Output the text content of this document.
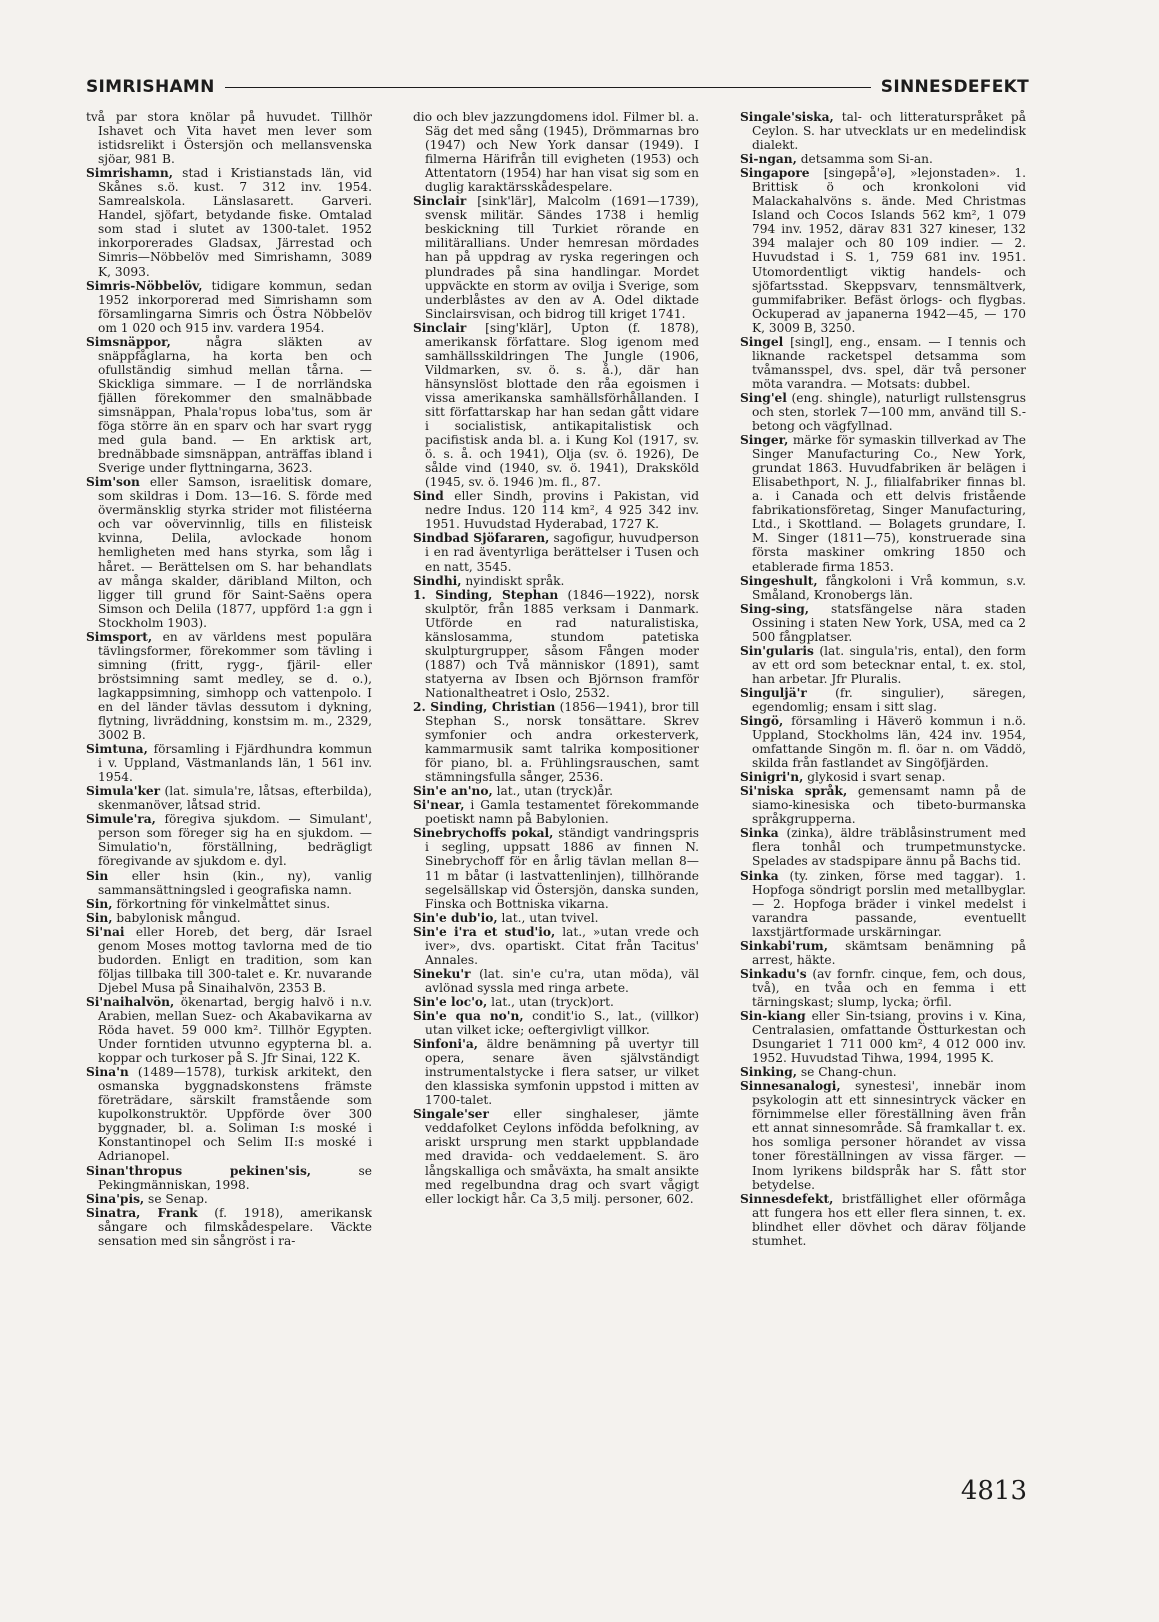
SIMRISHAMN	SINNESDEFEKT

två par stora knölar på huvudet. Tillhör Ishavet och Vita havet men lever som istidsrelikt i Östersjön och mellansvenska sjöar, 981 B.

Simrishamn, stad i Kristianstads län, vid Skånes s.ö. kust. 7 312 inv. 1954. Samrealskola. Länslasarett. Garveri. Handel, sjöfart, betydande fiske. Omtalad som stad i slutet av 1300-talet. 1952 inkorporerades Gladsax, Järrestad och Simris—Nöbbelöv med Simrishamn, 3089 K, 3093.

Simris-Nöbbelöv, tidigare kommun, sedan 1952 inkorporerad med Simrishamn som församlingarna Simris och Östra Nöbbelöv om 1 020 och 915 inv. vardera 1954.

Simsnäppor, några släkten av snäppfåglarna, ha korta ben och ofullständig simhud mellan tårna. — Skickliga simmare. — I de norrländska fjällen förekommer den smalnäbbade simsnäppan, Phala'ropus loba'tus, som är föga större än en sparv och har svart rygg med gula band. — En arktisk art, brednäbbade simsnäppan, anträffas ibland i Sverige under flyttningarna, 3623.

Sim'son eller Samson, israelitisk domare, som skildras i Dom. 13—16. S. förde med övermänsklig styrka strider mot filistéerna och var oövervinnlig, tills en filisteisk kvinna, Delila, avlockade honom hemligheten med hans styrka, som låg i håret. — Berättelsen om S. har behandlats av många skalder, däribland Milton, och ligger till grund för Saint-Saëns opera Simson och Delila (1877, uppförd 1:a ggn i Stockholm 1903).

Simsport, en av världens mest populära tävlingsformer, förekommer som tävling i simning (fritt, rygg-, fjäril- eller bröstsimning samt medley, se d. o.), lagkappsimning, simhopp och vattenpolo. I en del länder tävlas dessutom i dykning, flytning, livräddning, konstsim m. m., 2329, 3002 B.

Simtuna, församling i Fjärdhundra kommun i v. Uppland, Västmanlands län, 1 561 inv. 1954.

Simula'ker (lat. simula're, låtsas, efterbilda), skenmanöver, låtsad strid.

Simule'ra, föregiva sjukdom. — Simulant', person som föreger sig ha en sjukdom. — Simulatio'n, förställning, bedrägligt föregivande av sjukdom e. dyl.

Sin eller hsin (kin., ny), vanlig sammansättningsled i geografiska namn.

Sin, förkortning för vinkelmåttet sinus.

Sin, babylonisk mångud.

Si'nai eller Horeb, det berg, där Israel genom Moses mottog tavlorna med de tio budorden. Enligt en tradition, som kan följas tillbaka till 300-talet e. Kr. nuvarande Djebel Musa på Sinaihalvön, 2353 B.

Si'naihalvön, ökenartad, bergig halvö i n.v. Arabien, mellan Suez- och Akabavikarna av Röda havet. 59 000 km². Tillhör Egypten. Under forntiden utvunno egypterna bl. a. koppar och turkoser på S. Jfr Sinai, 122 K.

Sina'n (1489—1578), turkisk arkitekt, den osmanska byggnadskonstens främste företrädare, särskilt framstående som kupolkonstruktör. Uppförde över 300 byggnader, bl. a. Soliman I:s moské i Konstantinopel och Selim II:s moské i Adrianopel.

Sinan'thropus pekinen'sis, se Pekingmänniskan, 1998.

Sina'pis, se Senap.

Sinatra, Frank (f. 1918), amerikansk sångare och filmskådespelare. Väckte sensation med sin sångröst i ra-

dio och blev jazzungdomens idol. Filmer bl. a. Säg det med sång (1945), Drömmarnas bro (1947) och New York dansar (1949). I filmerna Härifrån till evigheten (1953) och Attentatorn (1954) har han visat sig som en duglig karaktärsskådespelare.

Sinclair [sink'lär], Malcolm (1691—1739), svensk militär. Sändes 1738 i hemlig beskickning till Turkiet rörande en militärallians. Under hemresan mördades han på uppdrag av ryska regeringen och plundrades på sina handlingar. Mordet uppväckte en storm av ovilja i Sverige, som underblåstes av den av A. Odel diktade Sinclairsvisan, och bidrog till kriget 1741.

Sinclair [sing'klär], Upton (f. 1878), amerikansk författare. Slog igenom med samhällsskildringen The Jungle (1906, Vildmarken, sv. ö. s. å.), där han hänsynslöst blottade den råa egoismen i vissa amerikanska samhällsförhållanden. I sitt författarskap har han sedan gått vidare i socialistisk, antikapitalistisk och pacifistisk anda bl. a. i Kung Kol (1917, sv. ö. s. å. och 1941), Olja (sv. ö. 1926), De sålde vind (1940, sv. ö. 1941), Draksköld (1945, sv. ö. 1946 )m. fl., 87.

Sind eller Sindh, provins i Pakistan, vid nedre Indus. 120 114 km², 4 925 342 inv. 1951. Huvudstad Hyderabad, 1727 K.

Sindbad Sjöfararen, sagofigur, huvudperson i en rad äventyrliga berättelser i Tusen och en natt, 3545.

Sindhi, nyindiskt språk.

1. Sinding, Stephan (1846—1922), norsk skulptör, från 1885 verksam i Danmark. Utförde en rad naturalistiska, känslosamma, stundom patetiska skulpturgrupper, såsom Fången moder (1887) och Två människor (1891), samt statyerna av Ibsen och Björnson framför Nationaltheatret i Oslo, 2532.

2. Sinding, Christian (1856—1941), bror till Stephan S., norsk tonsättare. Skrev symfonier och andra orkesterverk, kammarmusik samt talrika kompositioner för piano, bl. a. Frühlingsrauschen, samt stämningsfulla sånger, 2536.

Sin'e an'no, lat., utan (tryck)år.

Si'near, i Gamla testamentet förekommande poetiskt namn på Babylonien.

Sinebrychoffs pokal, ständigt vandringspris i segling, uppsatt 1886 av finnen N. Sinebrychoff för en årlig tävlan mellan 8—11 m båtar (i lastvattenlinjen), tillhörande segelsällskap vid Östersjön, danska sunden, Finska och Bottniska vikarna.

Sin'e dub'io, lat., utan tvivel.

Sin'e i'ra et stud'io, lat., »utan vrede och iver», dvs. opartiskt. Citat från Tacitus' Annales.

Sineku'r (lat. sin'e cu'ra, utan möda), väl avlönad syssla med ringa arbete.

Sin'e loc'o, lat., utan (tryck)ort.

Sin'e qua no'n, condit'io S., lat., (villkor) utan vilket icke; oeftergivligt villkor.

Sinfoni'a, äldre benämning på uvertyr till opera, senare även självständigt instrumentalstycke i flera satser, ur vilket den klassiska symfonin uppstod i mitten av 1700-talet.

Singale'ser eller singhaleser, jämte veddafolket Ceylons infödda befolkning, av ariskt ursprung men starkt uppblandade med dravida- och veddaelement. S. äro långskalliga och småväxta, ha smalt ansikte med regelbundna drag och svart vågigt eller lockigt hår. Ca 3,5 milj. personer, 602.

Singale'siska, tal- och litteraturspråket på Ceylon. S. har utvecklats ur en medelindisk dialekt.

Si-ngan, detsamma som Si-an.

Singapore [singəpå'ə], »lejonstaden». 1. Brittisk ö och kronkoloni vid Malackahalvöns s. ände. Med Christmas Island och Cocos Islands 562 km², 1 079 794 inv. 1952, därav 831 327 kineser, 132 394 malajer och 80 109 indier. — 2. Huvudstad i S. 1, 759 681 inv. 1951. Utomordentligt viktig handels- och sjöfartsstad. Skeppsvarv, tennsmältverk, gummifabriker. Befäst örlogs- och flygbas. Ockuperad av japanerna 1942—45, — 170 K, 3009 B, 3250.

Singel [singl], eng., ensam. — I tennis och liknande racketspel detsamma som tvåmansspel, dvs. spel, där två personer möta varandra. — Motsats: dubbel.

Sing'el (eng. shingle), naturligt rullstensgrus och sten, storlek 7—100 mm, använd till S.-betong och vägfyllnad.

Singer, märke för symaskin tillverkad av The Singer Manufacturing Co., New York, grundat 1863. Huvudfabriken är belägen i Elisabethport, N. J., filialfabriker finnas bl. a. i Canada och ett delvis fristående fabrikationsföretag, Singer Manufacturing, Ltd., i Skottland. — Bolagets grundare, I. M. Singer (1811—75), konstruerade sina första maskiner omkring 1850 och etablerade firma 1853.

Singeshult, fångkoloni i Vrå kommun, s.v. Småland, Kronobergs län.

Sing-sing, statsfängelse nära staden Ossining i staten New York, USA, med ca 2 500 fångplatser.

Sin'gularis (lat. singula'ris, ental), den form av ett ord som betecknar ental, t. ex. stol, han arbetar. Jfr Pluralis.

Singuljä'r (fr. singulier), säregen, egendomlig; ensam i sitt slag.

Singö, församling i Häverö kommun i n.ö. Uppland, Stockholms län, 424 inv. 1954, omfattande Singön m. fl. öar n. om Väddö, skilda från fastlandet av Singöfjärden.

Sinigri'n, glykosid i svart senap.

Si'niska språk, gemensamt namn på de siamo-kinesiska och tibeto-burmanska språkgrupperna.

Sinka (zinka), äldre träblåsinstrument med flera tonhål och trumpetmunstycke. Spelades av stadspipare ännu på Bachs tid.

Sinka (ty. zinken, förse med taggar). 1. Hopfoga söndrigt porslin med metallbyglar. — 2. Hopfoga bräder i vinkel medelst i varandra passande, eventuellt laxstjärtformade urskärningar.

Sinkabi'rum, skämtsam benämning på arrest, häkte.

Sinkadu's (av fornfr. cinque, fem, och dous, två), en tvåa och en femma i ett tärningskast; slump, lycka; örfil.

Sin-kiang eller Sin-tsiang, provins i v. Kina, Centralasien, omfattande Östturkestan och Dsungariet 1 711 000 km², 4 012 000 inv. 1952. Huvudstad Tihwa, 1994, 1995 K.

Sinking, se Chang-chun.

Sinnesanalogi, synestesi', innebär inom psykologin att ett sinnesintryck väcker en förnimmelse eller föreställning även från ett annat sinnesområde. Så framkallar t. ex. hos somliga personer hörandet av vissa toner föreställningen av vissa färger. — Inom lyrikens bildspråk har S. fått stor betydelse.

Sinnesdefekt, bristfällighet eller oförmåga att fungera hos ett eller flera sinnen, t. ex. blindhet eller dövhet och därav följande stumhet.

4813
